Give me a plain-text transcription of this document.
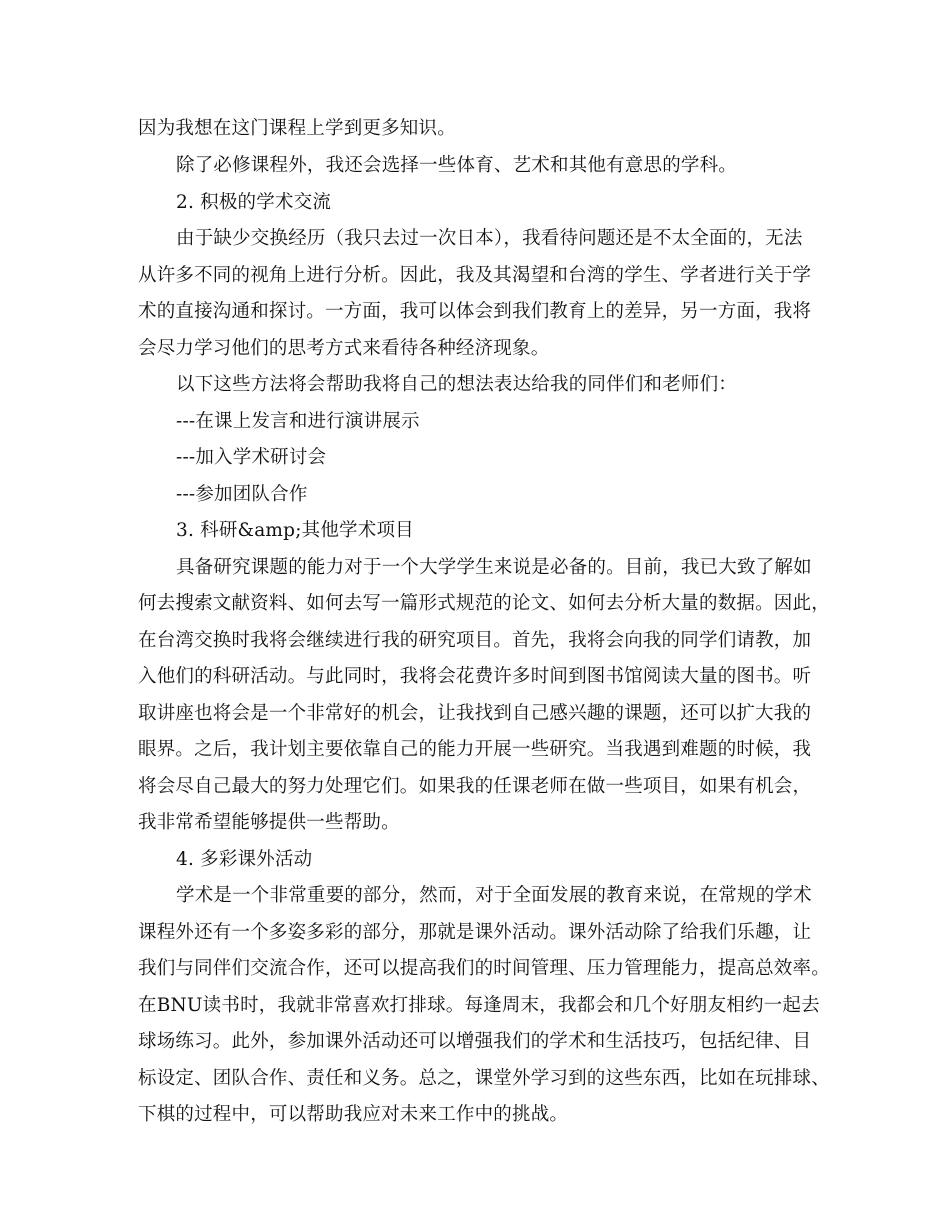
因为我想在这门课程上学到更多知识。
除了必修课程外，我还会选择一些体育、艺术和其他有意思的学科。
2. 积极的学术交流
由于缺少交换经历（我只去过一次日本），我看待问题还是不太全面的，无法
从许多不同的视角上进行分析。因此，我及其渴望和台湾的学生、学者进行关于学
术的直接沟通和探讨。一方面，我可以体会到我们教育上的差异，另一方面，我将
会尽力学习他们的思考方式来看待各种经济现象。
以下这些方法将会帮助我将自己的想法表达给我的同伴们和老师们：
---在课上发言和进行演讲展示
---加入学术研讨会
---参加团队合作
3. 科研&amp;其他学术项目
具备研究课题的能力对于一个大学学生来说是必备的。目前，我已大致了解如
何去搜索文献资料、如何去写一篇形式规范的论文、如何去分析大量的数据。因此，
在台湾交换时我将会继续进行我的研究项目。首先，我将会向我的同学们请教，加
入他们的科研活动。与此同时，我将会花费许多时间到图书馆阅读大量的图书。听
取讲座也将会是一个非常好的机会，让我找到自己感兴趣的课题，还可以扩大我的
眼界。之后，我计划主要依靠自己的能力开展一些研究。当我遇到难题的时候，我
将会尽自己最大的努力处理它们。如果我的任课老师在做一些项目，如果有机会，
我非常希望能够提供一些帮助。
4. 多彩课外活动
学术是一个非常重要的部分，然而，对于全面发展的教育来说，在常规的学术
课程外还有一个多姿多彩的部分，那就是课外活动。课外活动除了给我们乐趣，让
我们与同伴们交流合作，还可以提高我们的时间管理、压力管理能力，提高总效率。
在BNU读书时，我就非常喜欢打排球。每逢周末，我都会和几个好朋友相约一起去
球场练习。此外，参加课外活动还可以增强我们的学术和生活技巧，包括纪律、目
标设定、团队合作、责任和义务。总之，课堂外学习到的这些东西，比如在玩排球、
下棋的过程中，可以帮助我应对未来工作中的挑战。
